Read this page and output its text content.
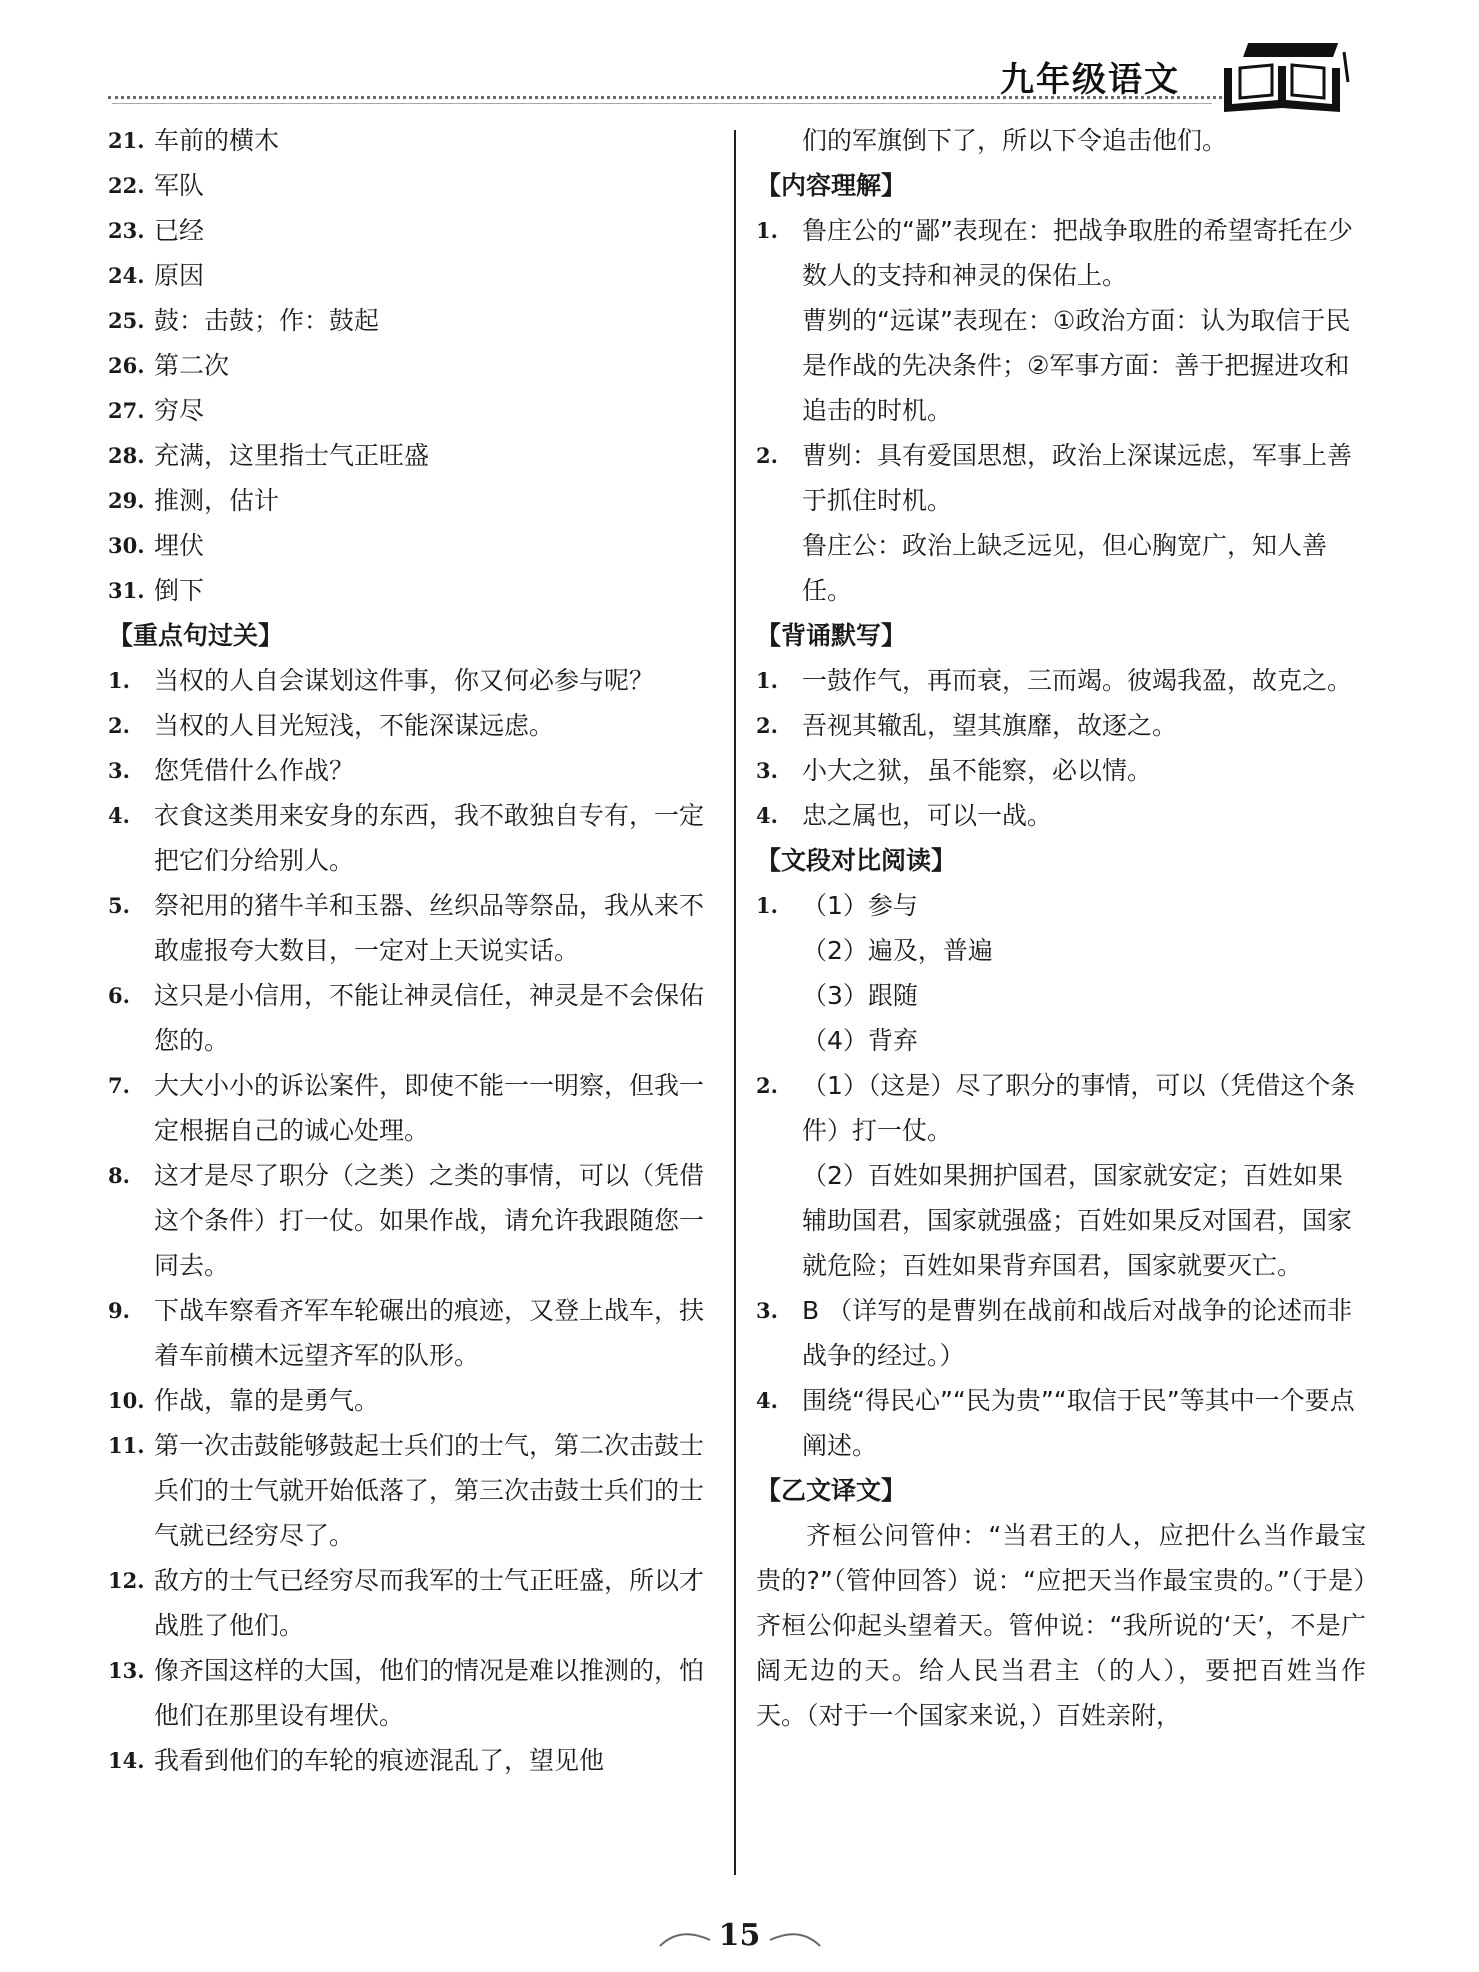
九年级语文
21. 车前的横木
22. 军队
23. 已经
24. 原因
25. 鼓：击鼓；作：鼓起
26. 第二次
27. 穷尽
28. 充满，这里指士气正旺盛
29. 推测，估计
30. 埋伏
31. 倒下
【重点句过关】
1. 当权的人自会谋划这件事，你又何必参与呢？
2. 当权的人目光短浅，不能深谋远虑。
3. 您凭借什么作战？
4. 衣食这类用来安身的东西，我不敢独自专有，一定把它们分给别人。
5. 祭祀用的猪牛羊和玉器、丝织品等祭品，我从来不敢虚报夸大数目，一定对上天说实话。
6. 这只是小信用，不能让神灵信任，神灵是不会保佑您的。
7. 大大小小的诉讼案件，即使不能一一明察，但我一定根据自己的诚心处理。
8. 这才是尽了职分（之类）之类的事情，可以（凭借这个条件）打一仗。如果作战，请允许我跟随您一同去。
9. 下战车察看齐军车轮碾出的痕迹，又登上战车，扶着车前横木远望齐军的队形。
10. 作战，靠的是勇气。
11. 第一次击鼓能够鼓起士兵们的士气，第二次击鼓士兵们的士气就开始低落了，第三次击鼓士兵们的士气就已经穷尽了。
12. 敌方的士气已经穷尽而我军的士气正旺盛，所以才战胜了他们。
13. 像齐国这样的大国，他们的情况是难以推测的，怕他们在那里设有埋伏。
14. 我看到他们的车轮的痕迹混乱了，望见他
们的军旗倒下了，所以下令追击他们。
【内容理解】
1. 鲁庄公的“鄙”表现在：把战争取胜的希望寄托在少数人的支持和神灵的保佑上。
曹刿的“远谋”表现在：①政治方面：认为取信于民是作战的先决条件；②军事方面：善于把握进攻和追击的时机。
2. 曹刿：具有爱国思想，政治上深谋远虑，军事上善于抓住时机。
鲁庄公：政治上缺乏远见，但心胸宽广，知人善任。
【背诵默写】
1. 一鼓作气，再而衰，三而竭。彼竭我盈，故克之。
2. 吾视其辙乱，望其旗靡，故逐之。
3. 小大之狱，虽不能察，必以情。
4. 忠之属也，可以一战。
【文段对比阅读】
1. （1）参与
（2）遍及，普遍
（3）跟随
（4）背弃
2. （1）（这是）尽了职分的事情，可以（凭借这个条件）打一仗。
（2）百姓如果拥护国君，国家就安定；百姓如果辅助国君，国家就强盛；百姓如果反对国君，国家就危险；百姓如果背弃国君，国家就要灭亡。
3. B （详写的是曹刿在战前和战后对战争的论述而非战争的经过。）
4. 围绕“得民心”“民为贵”“取信于民”等其中一个要点阐述。
【乙文译文】
齐桓公问管仲：“当君王的人，应把什么当作最宝贵的?”（管仲回答）说：“应把天当作最宝贵的。”（于是）齐桓公仰起头望着天。管仲说：“我所说的‘天’，不是广阔无边的天。给人民当君主（的人），要把百姓当作天。（对于一个国家来说，）百姓亲附，
15
